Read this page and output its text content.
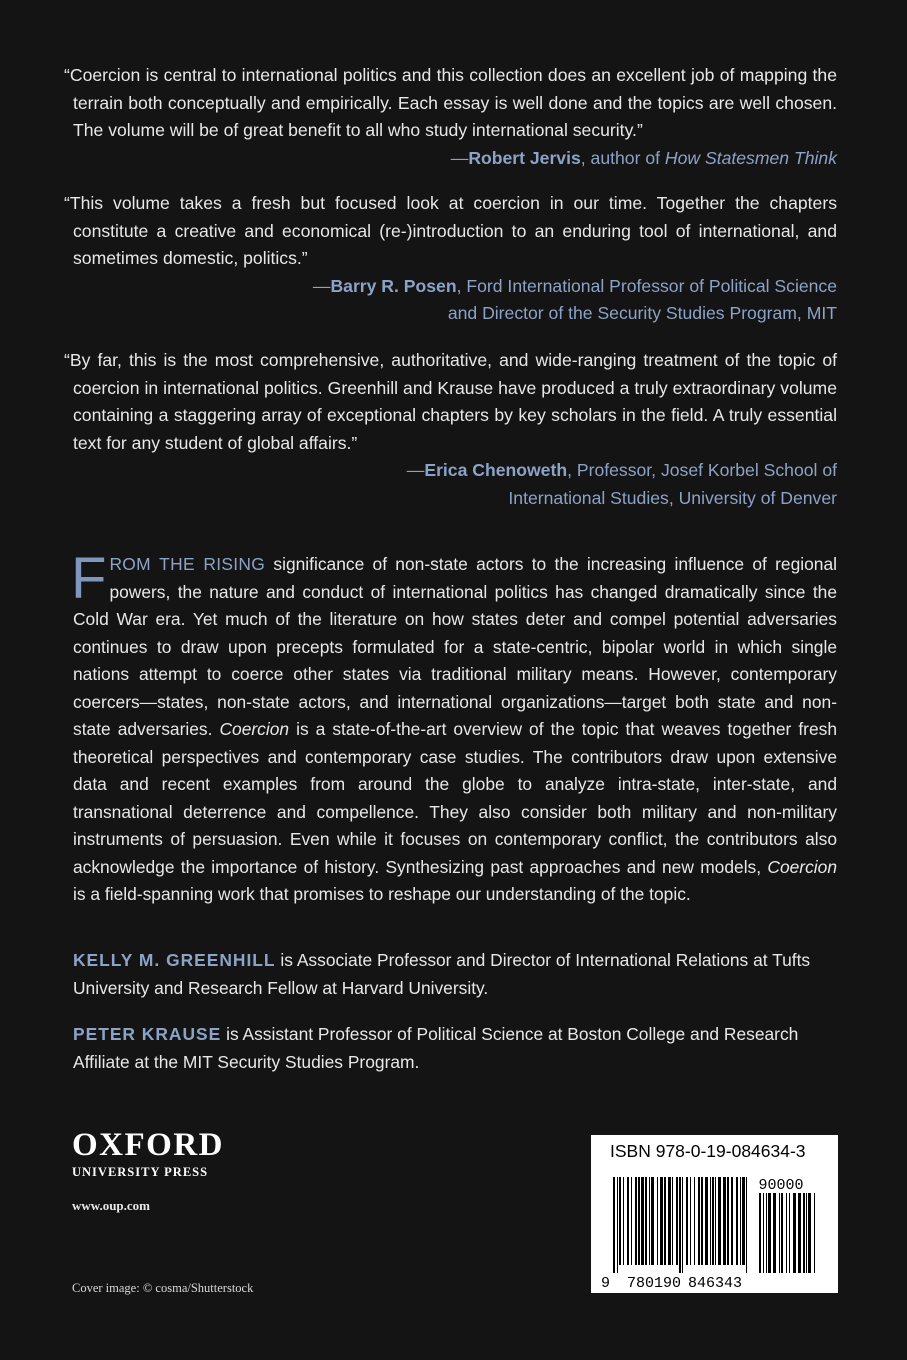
“Coercion is central to international politics and this collection does an excellent job of mapping the terrain both conceptually and empirically. Each essay is well done and the topics are well chosen. The volume will be of great benefit to all who study international security.”

—Robert Jervis, author of How Statesmen Think

“This volume takes a fresh but focused look at coercion in our time. Together the chapters constitute a creative and economical (re-)introduction to an enduring tool of international, and sometimes domestic, politics.”

—Barry R. Posen, Ford International Professor of Political Science

and Director of the Security Studies Program, MIT

“By far, this is the most comprehensive, authoritative, and wide-ranging treatment of the topic of coercion in international politics. Greenhill and Krause have produced a truly extraordinary volume containing a staggering array of exceptional chapters by key scholars in the field. A truly essential text for any student of global affairs.”

—Erica Chenoweth, Professor, Josef Korbel School of

International Studies, University of Denver

FROM THE RISING significance of non-state actors to the increasing influence of regional powers, the nature and conduct of international politics has changed dramatically since the Cold War era. Yet much of the literature on how states deter and compel potential adversaries continues to draw upon precepts formulated for a state-centric, bipolar world in which single nations attempt to coerce other states via traditional military means. However, contemporary coercers—states, non-state actors, and international organizations—target both state and non-state adversaries. Coercion is a state-of-the-art overview of the topic that weaves together fresh theoretical perspectives and contemporary case studies. The contributors draw upon extensive data and recent examples from around the globe to analyze intra-state, inter-state, and transnational deterrence and compellence. They also consider both military and non-military instruments of persuasion. Even while it focuses on contemporary conflict, the contributors also acknowledge the importance of history. Synthesizing past approaches and new models, Coercion is a field-spanning work that promises to reshape our understanding of the topic.

KELLY M. GREENHILL is Associate Professor and Director of International Relations at Tufts University and Research Fellow at Harvard University.

PETER KRAUSE is Assistant Professor of Political Science at Boston College and Research Affiliate at the MIT Security Studies Program.

OXFORD
UNIVERSITY PRESS
www.oup.com
Cover image: © cosma/Shutterstock
ISBN 978-0-19-084634-3
90000
9 780190 846343
